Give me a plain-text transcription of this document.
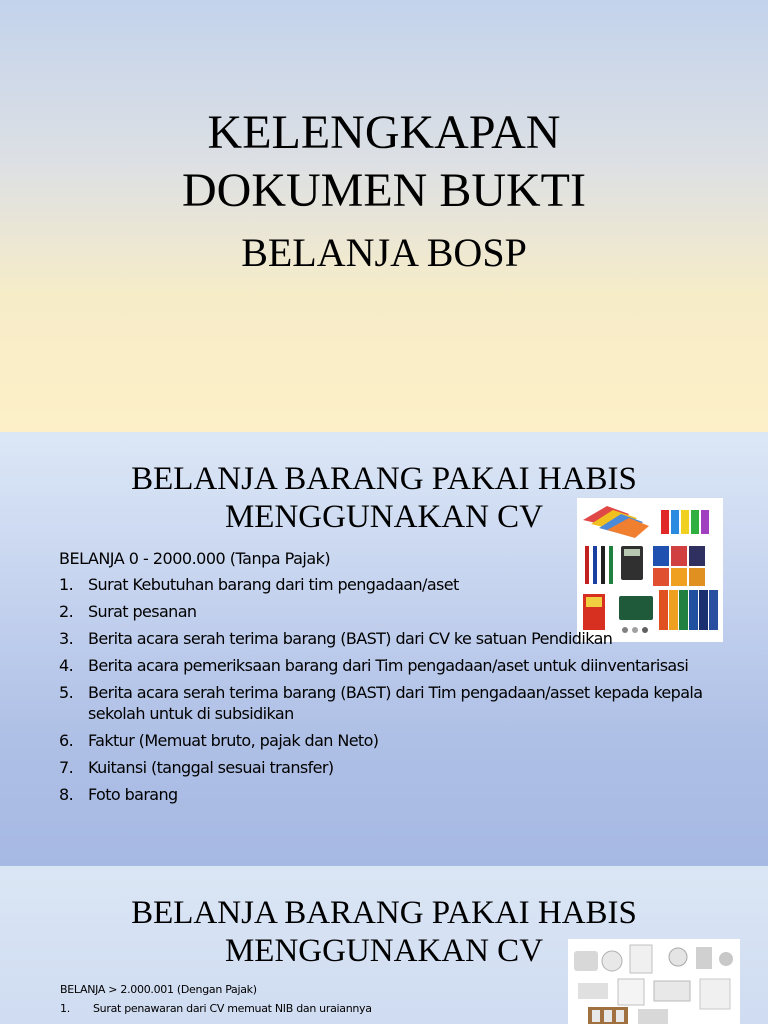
KELENGKAPAN
DOKUMEN BUKTI
BELANJA BOSP
BELANJA BARANG PAKAI HABIS
MENGGUNAKAN CV
BELANJA 0 - 2000.000 (Tanpa Pajak)
1. Surat Kebutuhan barang dari tim pengadaan/aset
2. Surat pesanan
3. Berita acara serah terima barang (BAST) dari CV ke satuan Pendidikan
4. Berita acara pemeriksaan barang dari Tim pengadaan/aset untuk diinventarisasi
5. Berita acara serah terima barang (BAST) dari Tim pengadaan/asset kepada kepala sekolah untuk di subsidikan
6. Faktur (Memuat bruto, pajak dan Neto)
7. Kuitansi (tanggal sesuai transfer)
8. Foto barang
BELANJA BARANG PAKAI HABIS
MENGGUNAKAN CV
BELANJA > 2.000.001 (Dengan Pajak)
1. Surat penawaran dari CV memuat NIB dan uraiannya
